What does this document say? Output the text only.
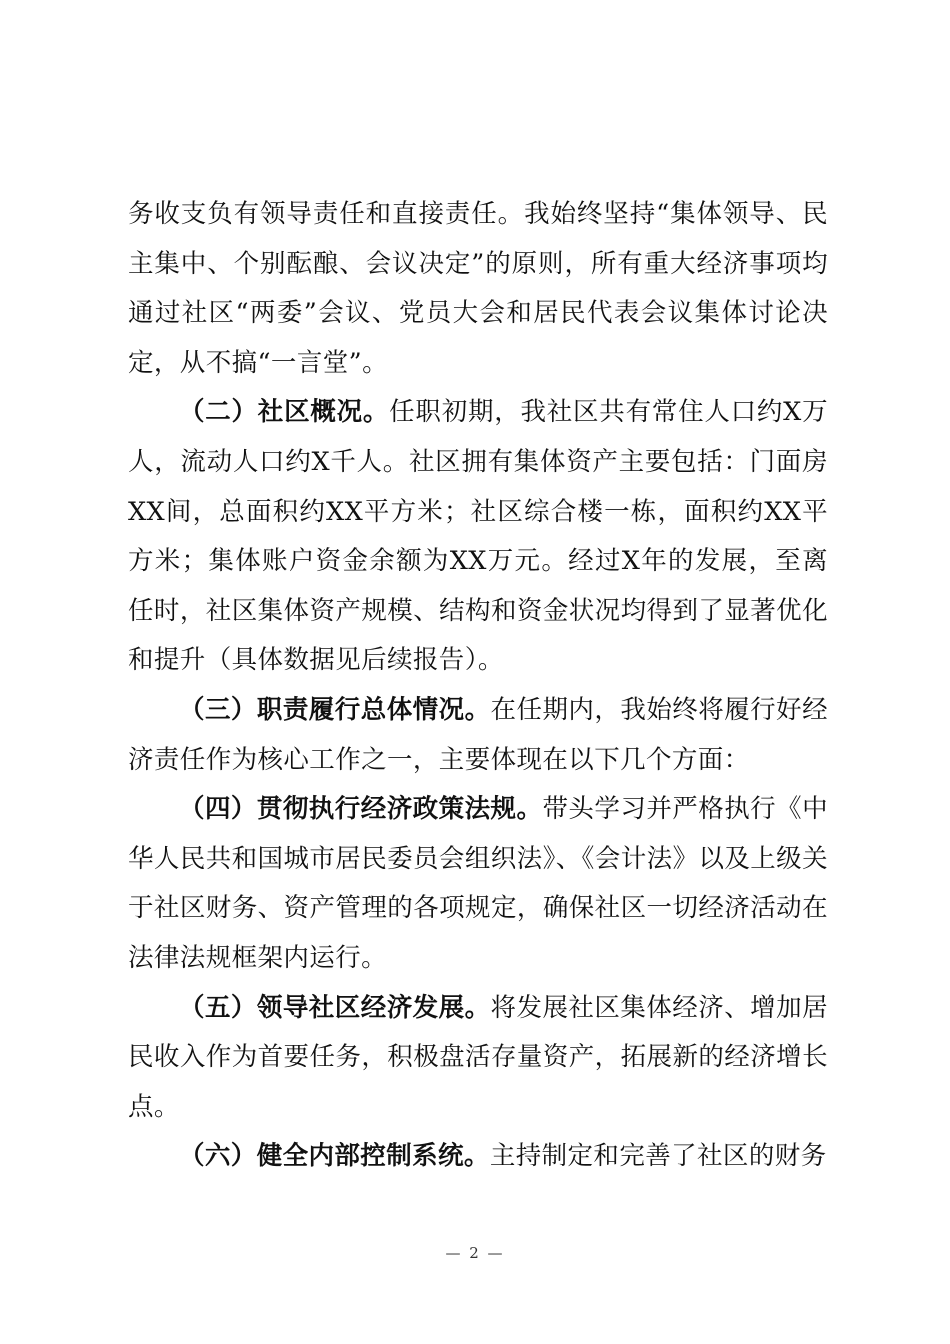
务收支负有领导责任和直接责任。我始终坚持“集体领导、民主集中、个别酝酿、会议决定”的原则，所有重大经济事项均通过社区“两委”会议、党员大会和居民代表会议集体讨论决定，从不搞“一言堂”。

（二）社区概况。任职初期，我社区共有常住人口约X万人，流动人口约X千人。社区拥有集体资产主要包括：门面房XX间，总面积约XX平方米；社区综合楼一栋，面积约XX平方米；集体账户资金余额为XX万元。经过X年的发展，至离任时，社区集体资产规模、结构和资金状况均得到了显著优化和提升（具体数据见后续报告）。

（三）职责履行总体情况。在任期内，我始终将履行好经济责任作为核心工作之一，主要体现在以下几个方面：

（四）贯彻执行经济政策法规。带头学习并严格执行《中华人民共和国城市居民委员会组织法》、《会计法》以及上级关于社区财务、资产管理的各项规定，确保社区一切经济活动在法律法规框架内运行。

（五）领导社区经济发展。将发展社区集体经济、增加居民收入作为首要任务，积极盘活存量资产，拓展新的经济增长点。

（六）健全内部控制系统。主持制定和完善了社区的财务

— 2 —
